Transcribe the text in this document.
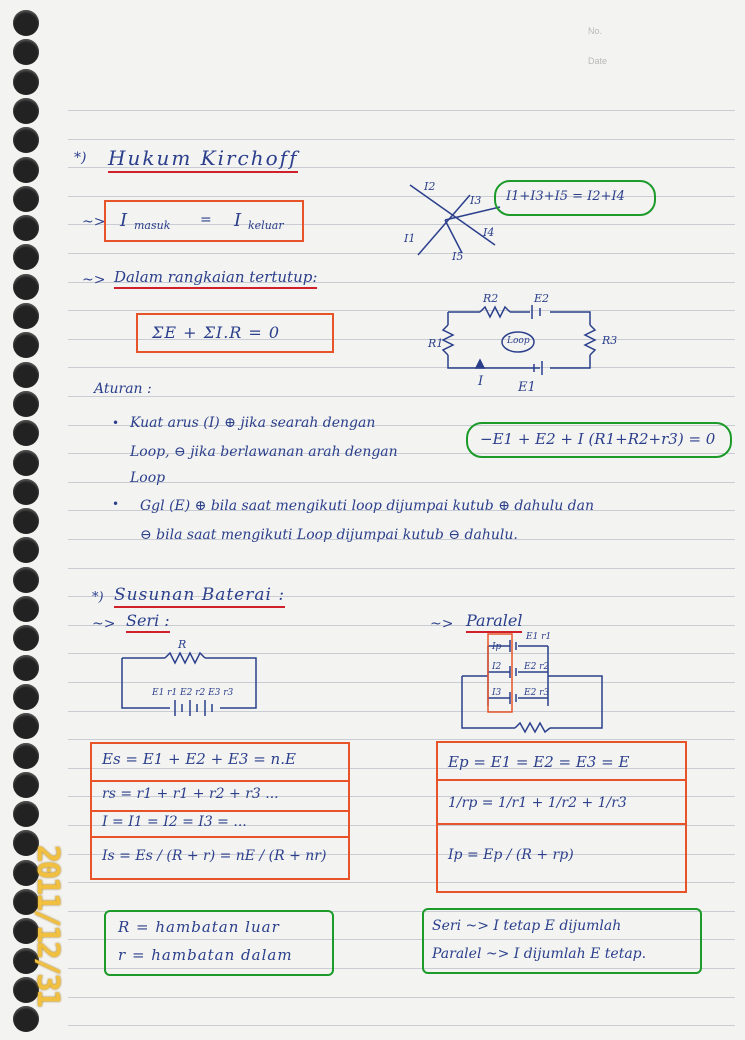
No.
Date
*) Hukum Kirchoff
~> I masuk = I keluar
I2
I3
I1	I4
I5
I1+I3+I5 = I2+I4
~> Dalam rangkaian tertutup:
ΣΕ + ΣI.R = 0
R2	Ε2
R1	R3
Loop
I	Ε1
Aturan :
• Kuat arus (I) ⊕ jika searah dengan
Loop, ⊖ jika berlawanan arah dengan
Loop
−Ε1 + Ε2 + I (R1+R2+r3) = 0
• Ggl (Ε) ⊕ bila saat mengikuti loop dijumpai kutub ⊕ dahulu dan
⊖ bila saat mengikuti Loop dijumpai kutub ⊖ dahulu.
*) Susunan Baterai :
~> Seri :	~> Paralel
R
Ε1 r1 Ε2 r2 Ε3 r3
Ip
Ε1 r1
I2	Ε2 r2
I3	Ε2 r3
Εs = Ε1 + Ε2 + Ε3 = n.Ε
rs = r1 + r1 + r2 + r3 ...
I = I1 = I2 = I3 = ...
Is = Εs / (R + r) = nΕ / (R + nr)
Εp = Ε1 = Ε2 = Ε3 = Ε
1/rp = 1/r1 + 1/r2 + 1/r3
Ip = Εp / (R + rp)
R = hambatan luar
r = hambatan dalam
Seri ~> I tetap Ε dijumlah
Paralel ~> I dijumlah Ε tetap.
2011/12/31
